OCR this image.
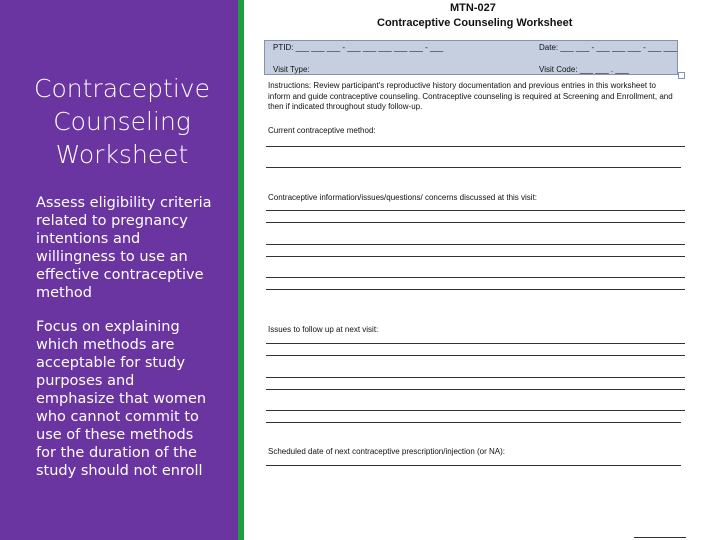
Contraceptive Counseling Worksheet

Assess eligibility criteria related to pregnancy intentions and willingness to use an effective contraceptive method

Focus on explaining which methods are acceptable for study purposes and emphasize that women who cannot commit to use of these methods for the duration of the study should not enroll

MTN-027
Contraceptive Counseling Worksheet
PTID: ___ ___ ___ - ___ ___ ___ ___ ___ - ___	Date: ___ ___ - ___ ___ ___ - ___ ___
Visit Type:	Visit Code: ___ ___ . ___

Instructions: Review participant's reproductive history documentation and previous entries in this worksheet to inform and guide contraceptive counseling. Contraceptive counseling is required at Screening and Enrollment, and then if indicated throughout study follow-up.

Current contraceptive method:
Contraceptive information/issues/questions/ concerns discussed at this visit:
Issues to follow up at next visit:
Scheduled date of next contraceptive prescription/injection (or NA):
